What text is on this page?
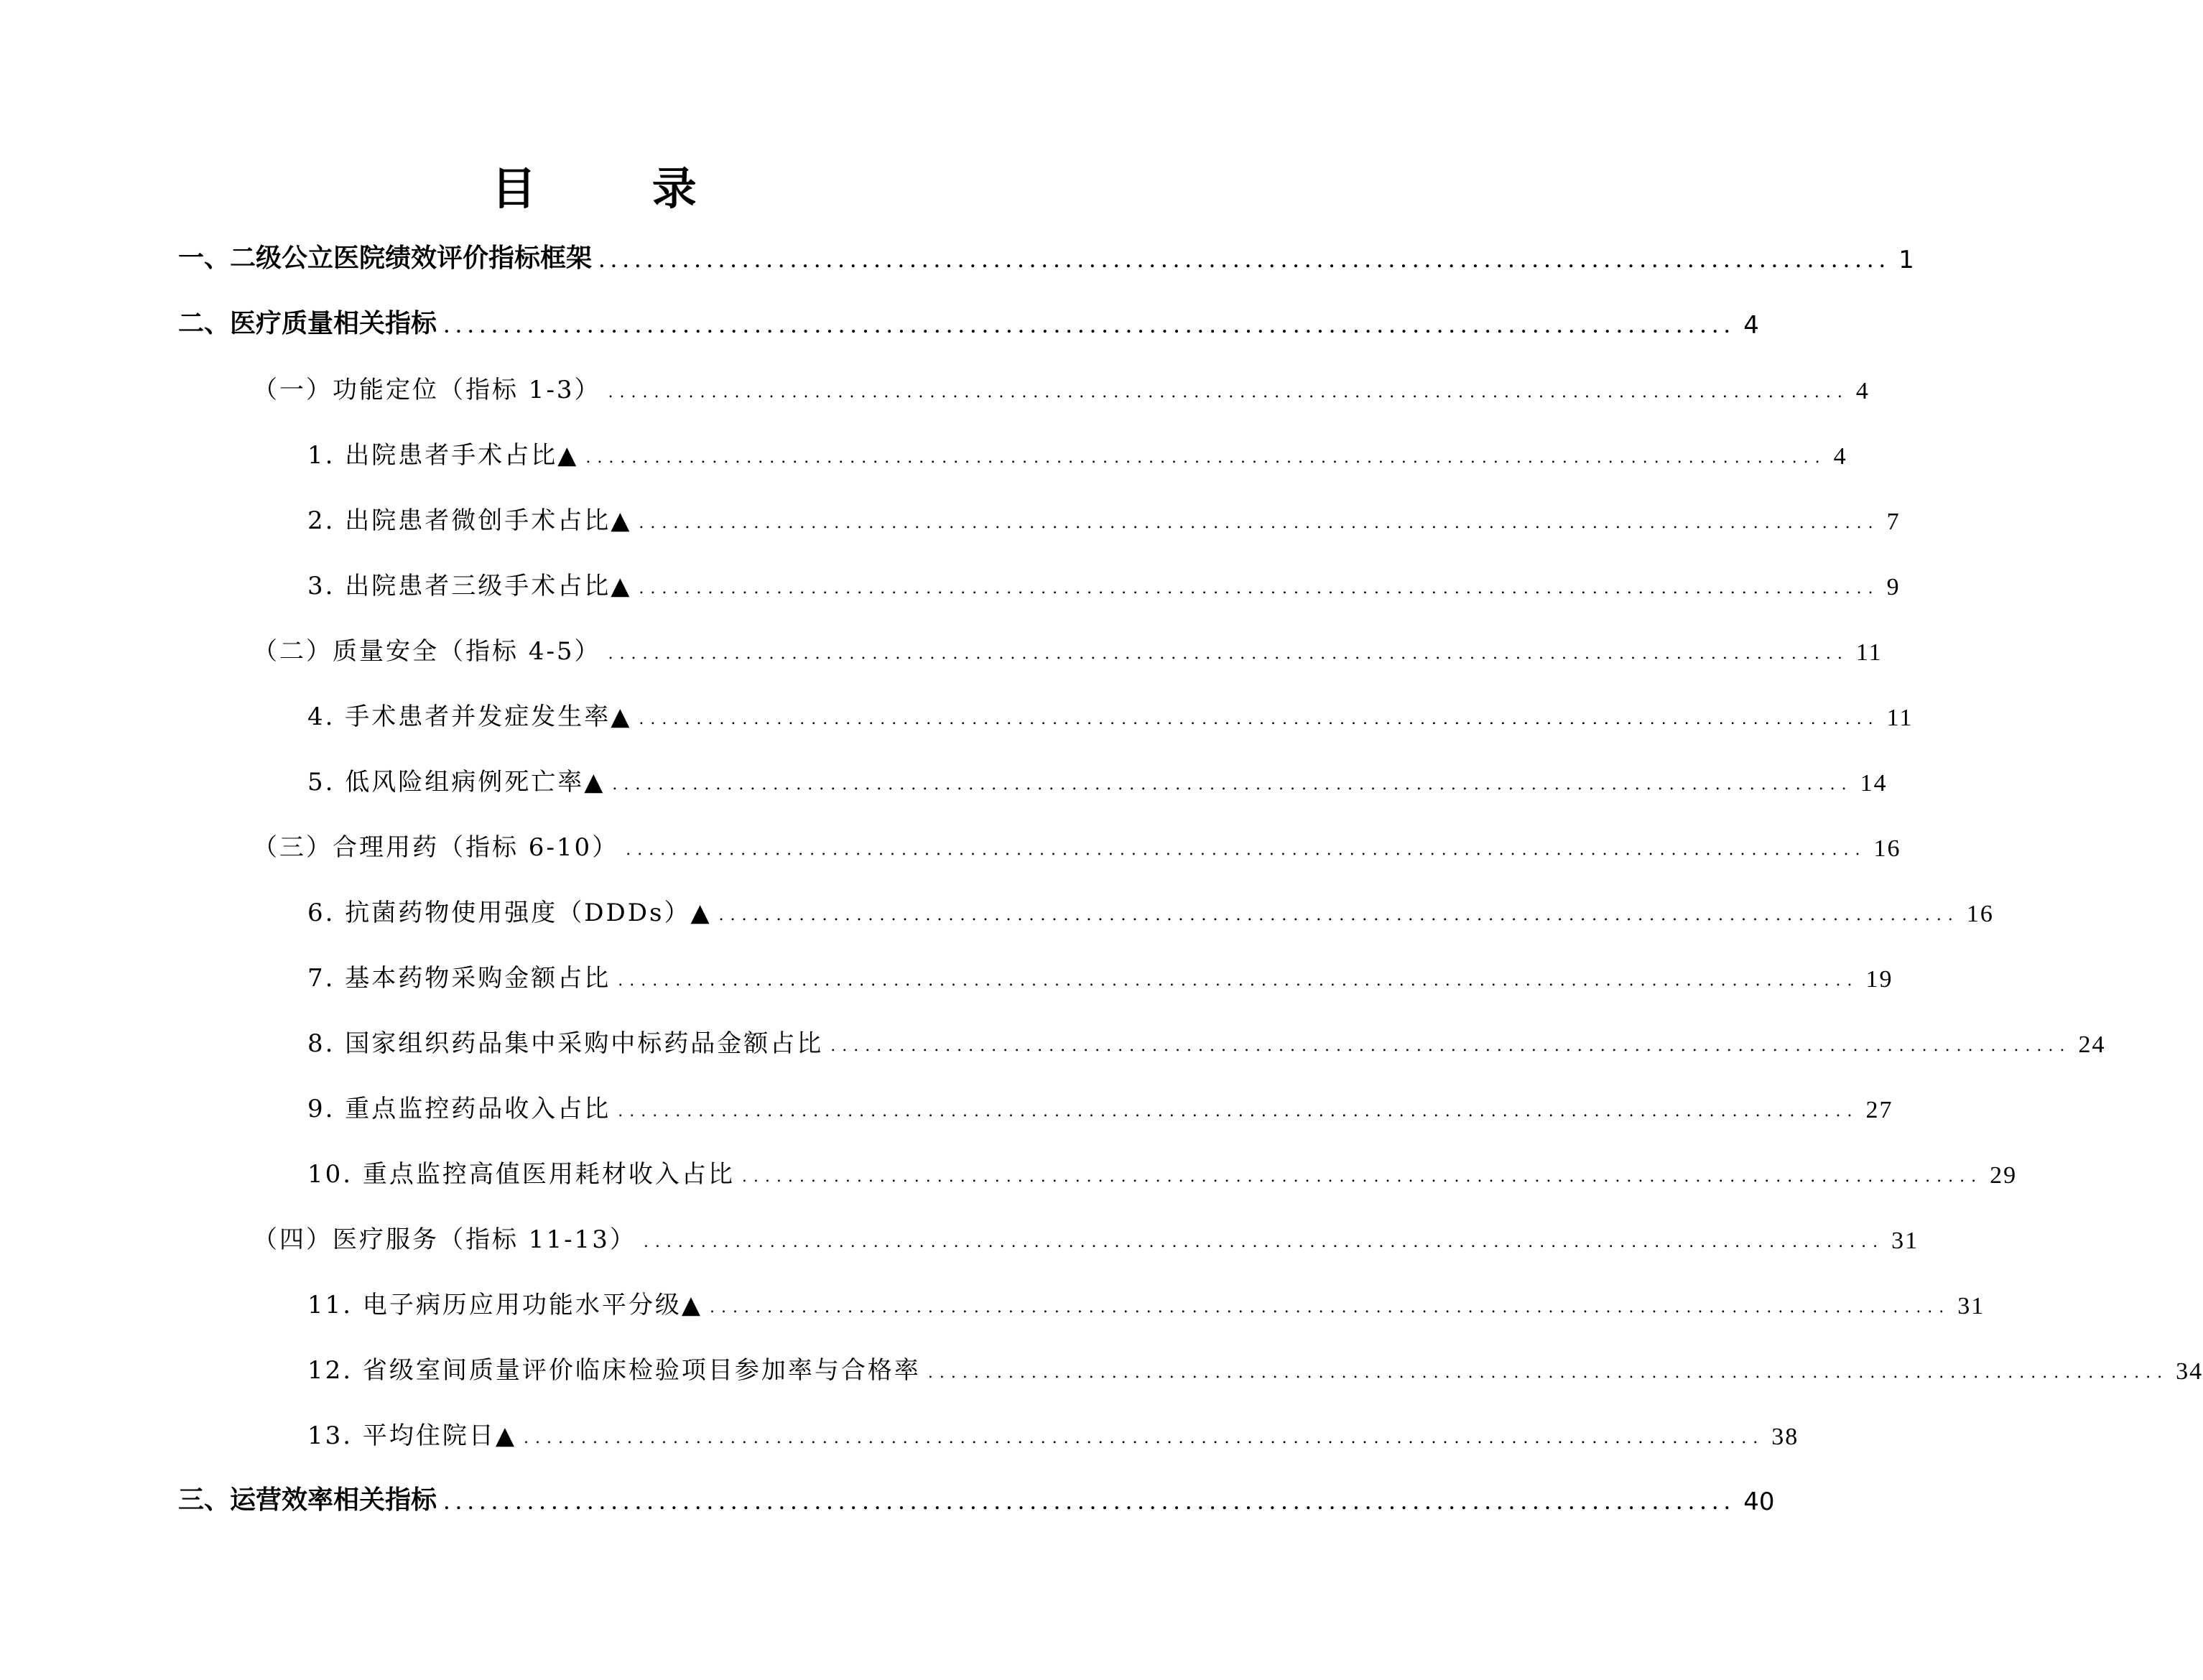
目 录
一、二级公立医院绩效评价指标框架 ............................................................................................................ 1
二、医疗质量相关指标 ............................................................................................................ 4
（一）功能定位（指标 1-3） ............................................................................................................ 4
1. 出院患者手术占比▲ ............................................................................................................ 4
2. 出院患者微创手术占比▲ ............................................................................................................ 7
3. 出院患者三级手术占比▲ ............................................................................................................ 9
（二）质量安全（指标 4-5） ............................................................................................................ 11
4. 手术患者并发症发生率▲ ............................................................................................................ 11
5. 低风险组病例死亡率▲ ............................................................................................................ 14
（三）合理用药（指标 6-10） ............................................................................................................ 16
6. 抗菌药物使用强度（DDDs）▲ ............................................................................................................ 16
7. 基本药物采购金额占比 ............................................................................................................ 19
8. 国家组织药品集中采购中标药品金额占比 ............................................................................................................ 24
9. 重点监控药品收入占比 ............................................................................................................ 27
10. 重点监控高值医用耗材收入占比 ............................................................................................................ 29
（四）医疗服务（指标 11-13） ............................................................................................................ 31
11. 电子病历应用功能水平分级▲ ............................................................................................................ 31
12. 省级室间质量评价临床检验项目参加率与合格率 ............................................................................................................ 34
13. 平均住院日▲ ............................................................................................................ 38
三、运营效率相关指标 ............................................................................................................ 40
